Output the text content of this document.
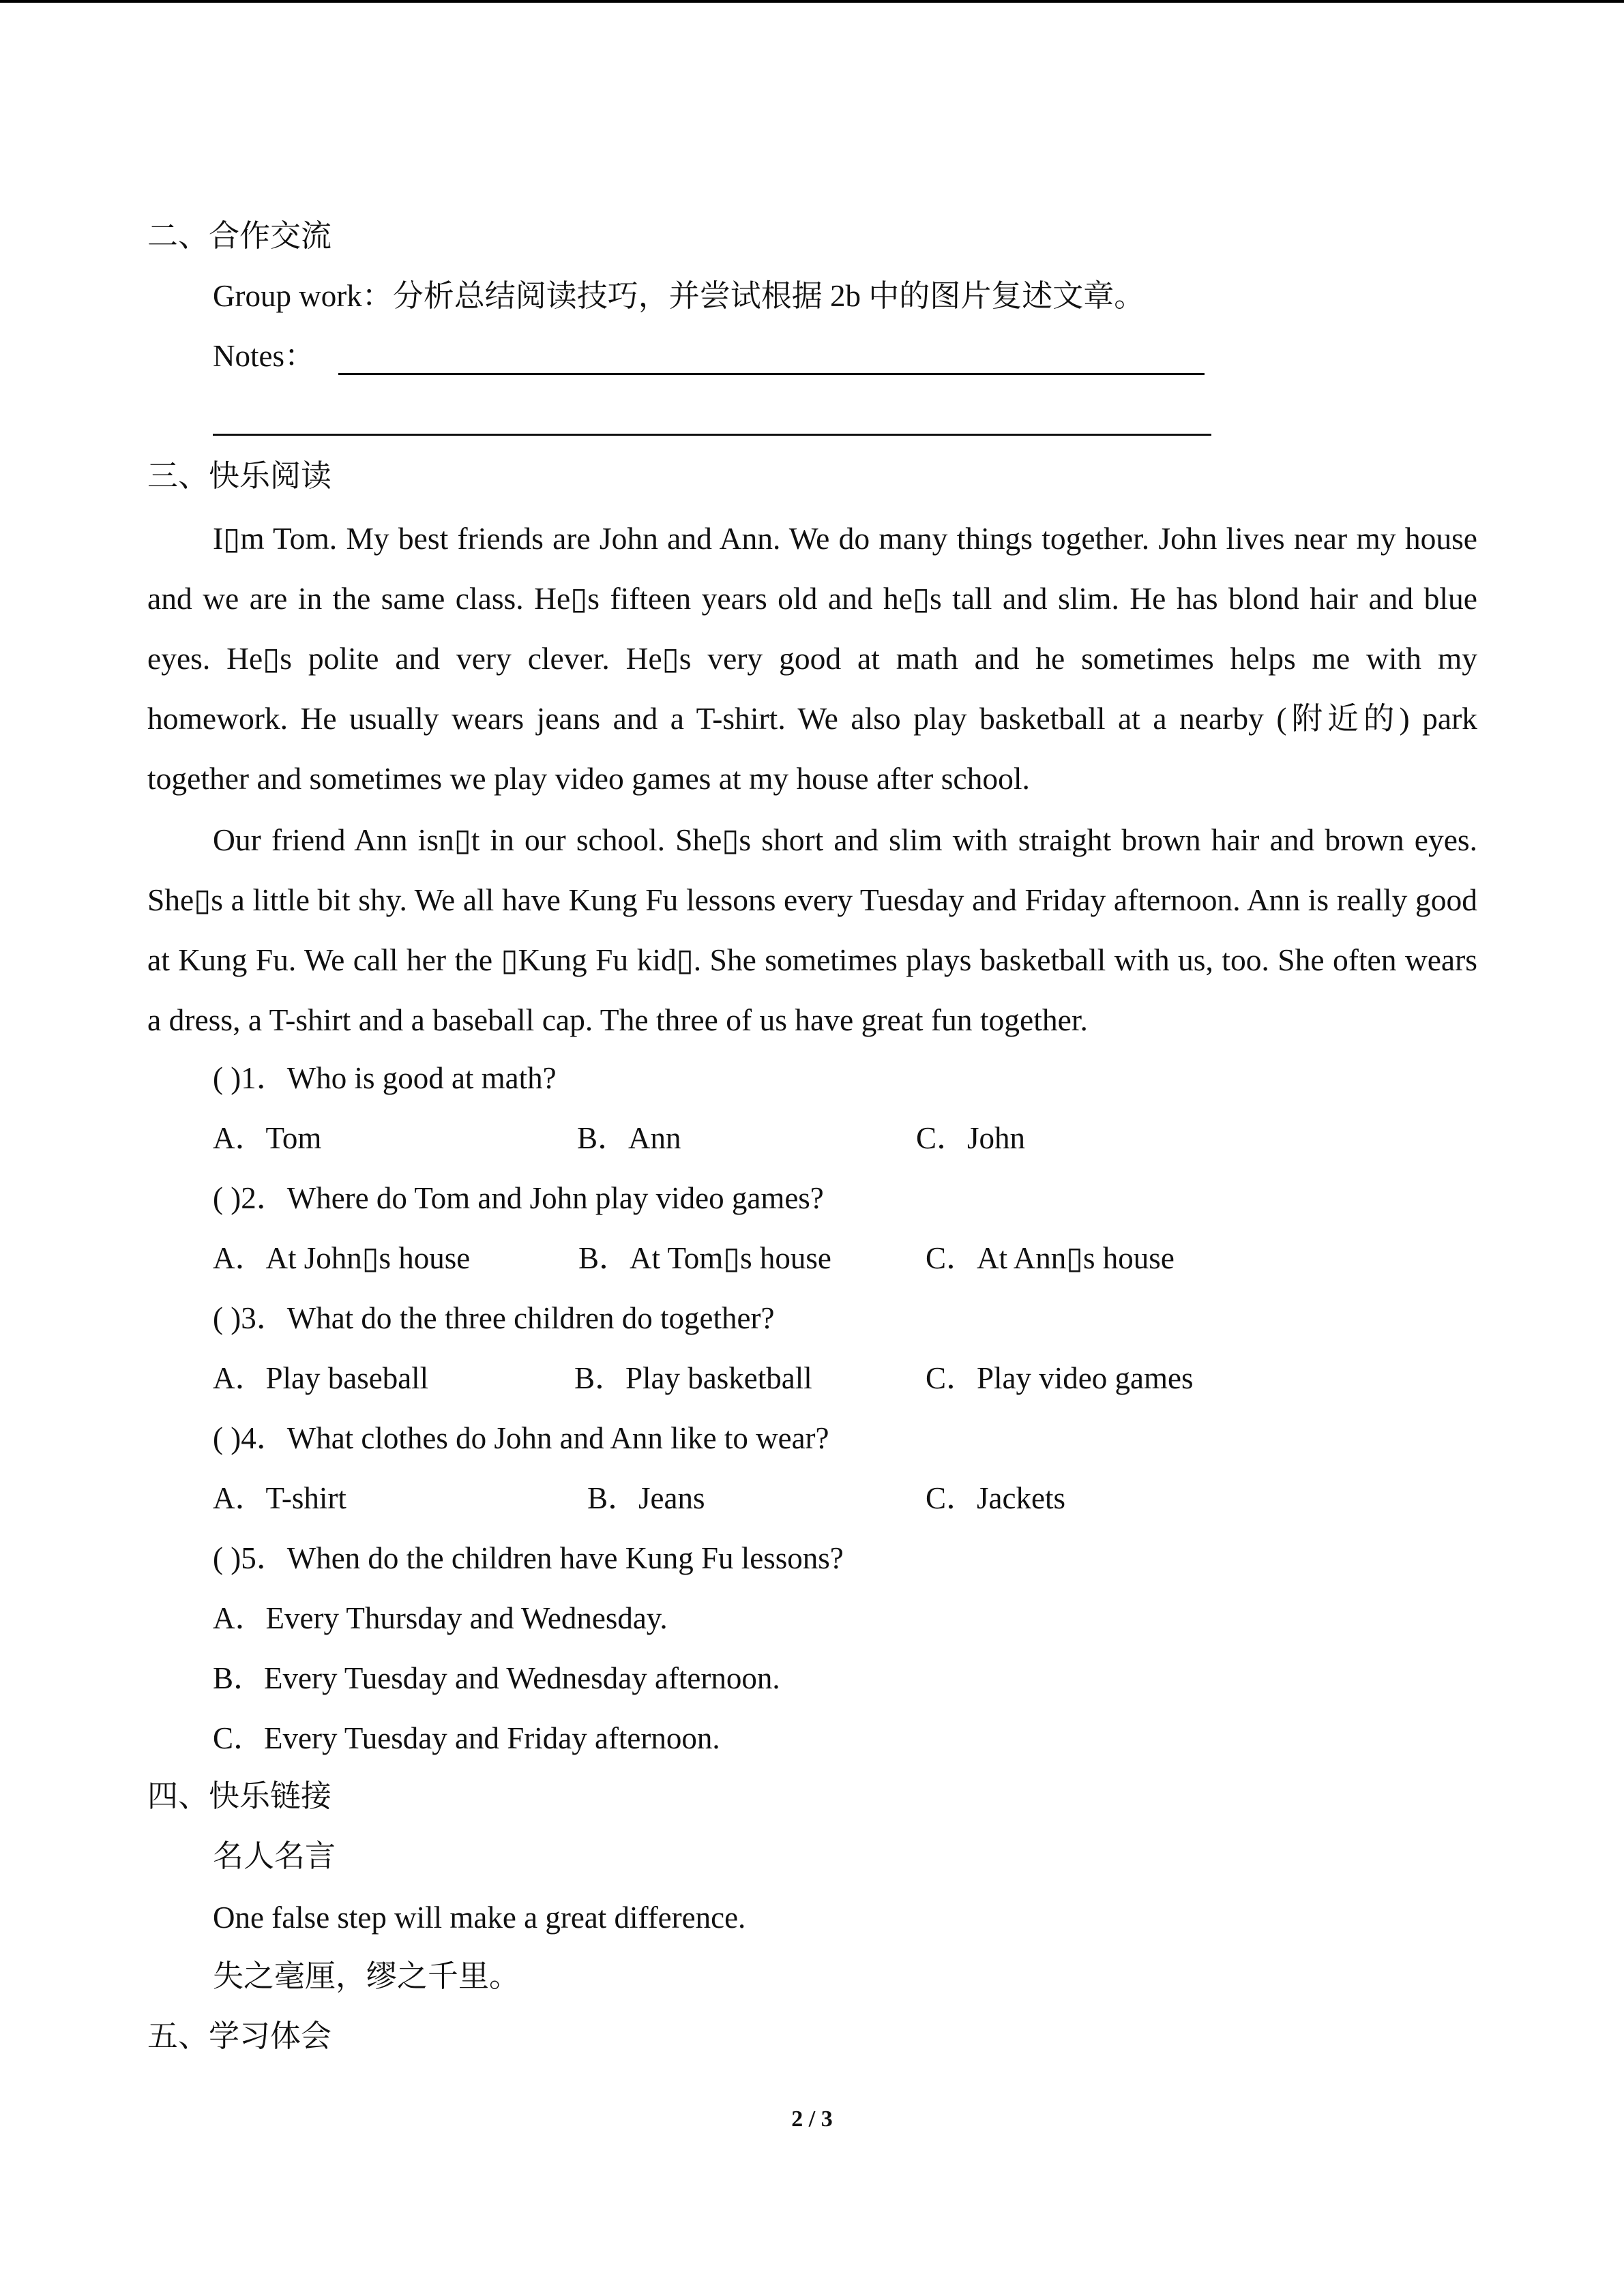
二、合作交流
Group work：分析总结阅读技巧，并尝试根据 2b 中的图片复述文章。
Notes：
三、快乐阅读
I▯m Tom. My best friends are John and Ann. We do many things together. John lives near my house and we are in the same class. He▯s fifteen years old and he▯s tall and slim. He has blond hair and blue eyes. He▯s polite and very clever. He▯s very good at math and he sometimes helps me with my homework. He usually wears jeans and a T-shirt. We also play basketball at a nearby (附近的) park together and sometimes we play video games at my house after school.
Our friend Ann isn▯t in our school. She▯s short and slim with straight brown hair and brown eyes. She▯s a little bit shy. We all have Kung Fu lessons every Tuesday and Friday afternoon. Ann is really good at Kung Fu. We call her the ▯Kung Fu kid▯. She sometimes plays basketball with us, too. She often wears a dress, a T-shirt and a baseball cap. The three of us have great fun together.
( )1．Who is good at math?
A．Tom	B．Ann	C．John
( )2．Where do Tom and John play video games?
A．At John▯s house	B．At Tom▯s house	C．At Ann▯s house
( )3．What do the three children do together?
A．Play baseball	B．Play basketball	C．Play video games
( )4．What clothes do John and Ann like to wear?
A．T-shirt	B．Jeans	C．Jackets
( )5．When do the children have Kung Fu lessons?
A．Every Thursday and Wednesday.
B．Every Tuesday and Wednesday afternoon.
C．Every Tuesday and Friday afternoon.
四、快乐链接
名人名言
One false step will make a great difference.
失之毫厘，缪之千里。
五、学习体会
2 / 3
